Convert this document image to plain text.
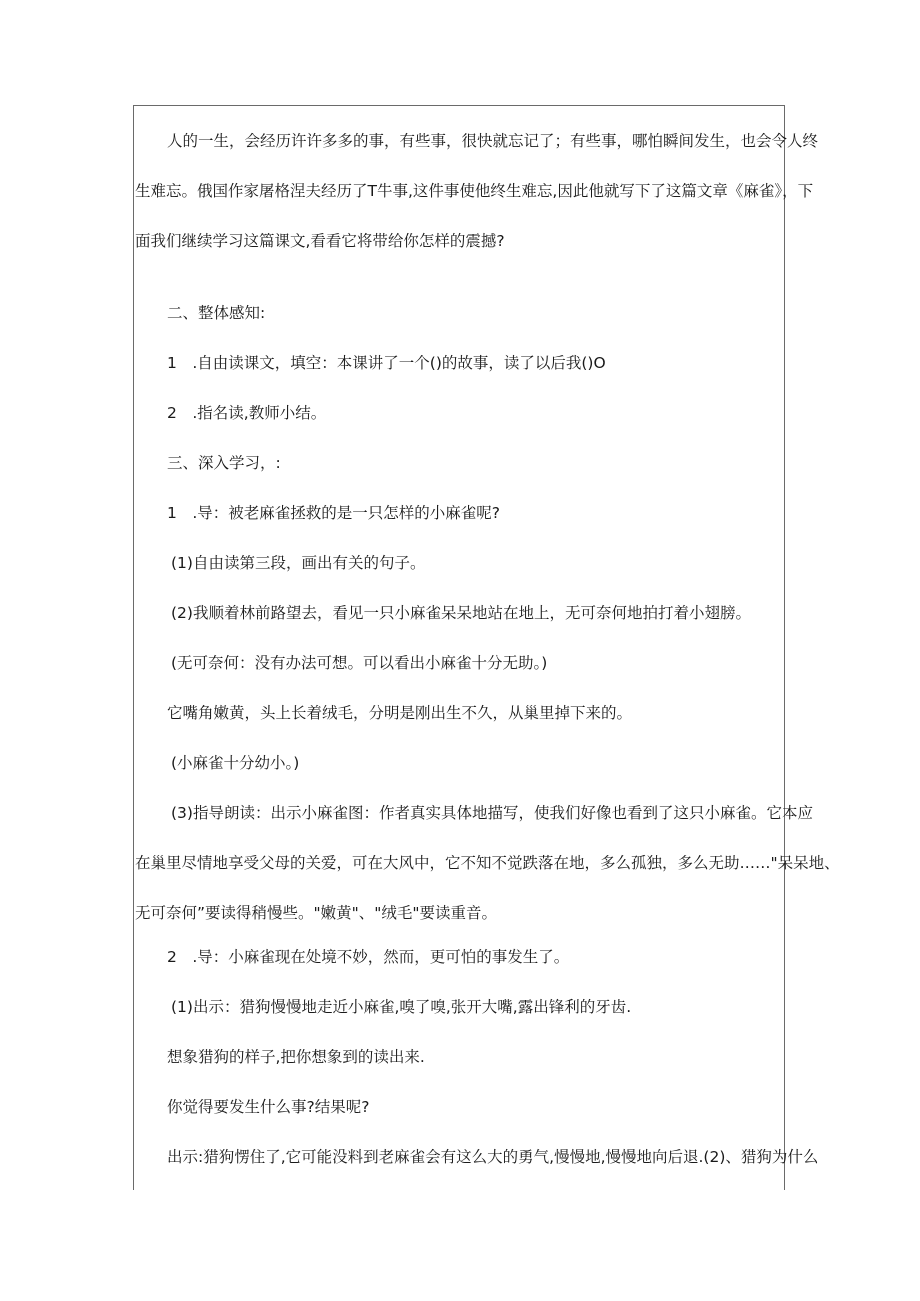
人的一生，会经历许许多多的事，有些事，很快就忘记了；有些事，哪怕瞬间发生，也会令人终
生难忘。俄国作家屠格涅夫经历了T牛事,这件事使他终生难忘,因此他就写下了这篇文章《麻雀》，下
面我们继续学习这篇课文,看看它将带给你怎样的震撼?
二、整体感知:
1　.自由读课文，填空：本课讲了一个()的故事，读了以后我()O
2　.指名读,教师小结。
三、深入学习，:
1　.导：被老麻雀拯救的是一只怎样的小麻雀呢?
(1)自由读第三段，画出有关的句子。
(2)我顺着林前路望去，看见一只小麻雀呆呆地站在地上，无可奈何地拍打着小翅膀。
(无可奈何：没有办法可想。可以看出小麻雀十分无助。)
它嘴角嫩黄，头上长着绒毛，分明是刚出生不久，从巢里掉下来的。
(小麻雀十分幼小。)
(3)指导朗读：出示小麻雀图：作者真实具体地描写，使我们好像也看到了这只小麻雀。它本应
在巢里尽情地享受父母的关爱，可在大风中，它不知不觉跌落在地，多么孤独，多么无助……"呆呆地、
无可奈何”要读得稍慢些。"嫩黄"、"绒毛"要读重音。
2　.导：小麻雀现在处境不妙，然而，更可怕的事发生了。
(1)出示：猎狗慢慢地走近小麻雀,嗅了嗅,张开大嘴,露出锋利的牙齿.
想象猎狗的样子,把你想象到的读出来.
你觉得要发生什么事?结果呢?
出示:猎狗愣住了,它可能没料到老麻雀会有这么大的勇气,慢慢地,慢慢地向后退.(2)、猎狗为什么
